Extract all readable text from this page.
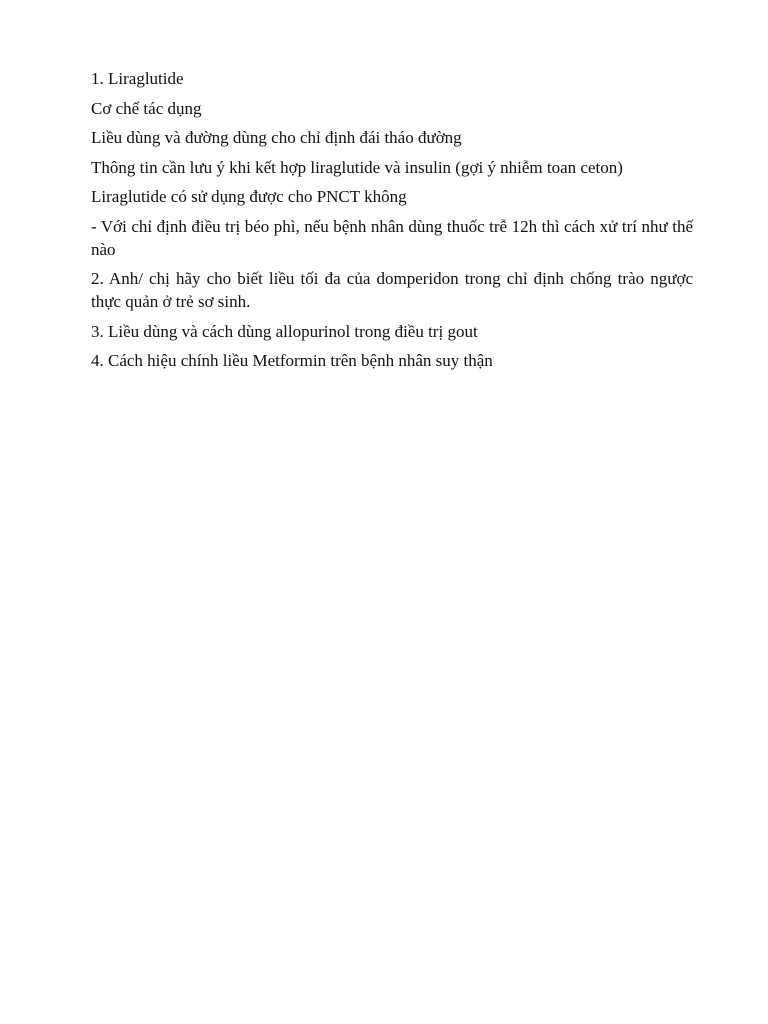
1. Liraglutide

Cơ chế tác dụng

Liều dùng và đường dùng cho chỉ định đái tháo đường

Thông tin cần lưu ý khi kết hợp liraglutide và insulin (gợi ý nhiễm toan ceton)

Liraglutide có sử dụng được cho PNCT không

- Với chỉ định điều trị béo phì, nếu bệnh nhân dùng thuốc trễ 12h thì cách xử trí như thế nào

2. Anh/ chị hãy cho biết liều tối đa của domperidon trong chỉ định chống trào ngược thực quản ở trẻ sơ sinh.

3. Liều dùng và cách dùng allopurinol trong điều trị gout

4. Cách hiệu chính liều Metformin trên bệnh nhân suy thận
